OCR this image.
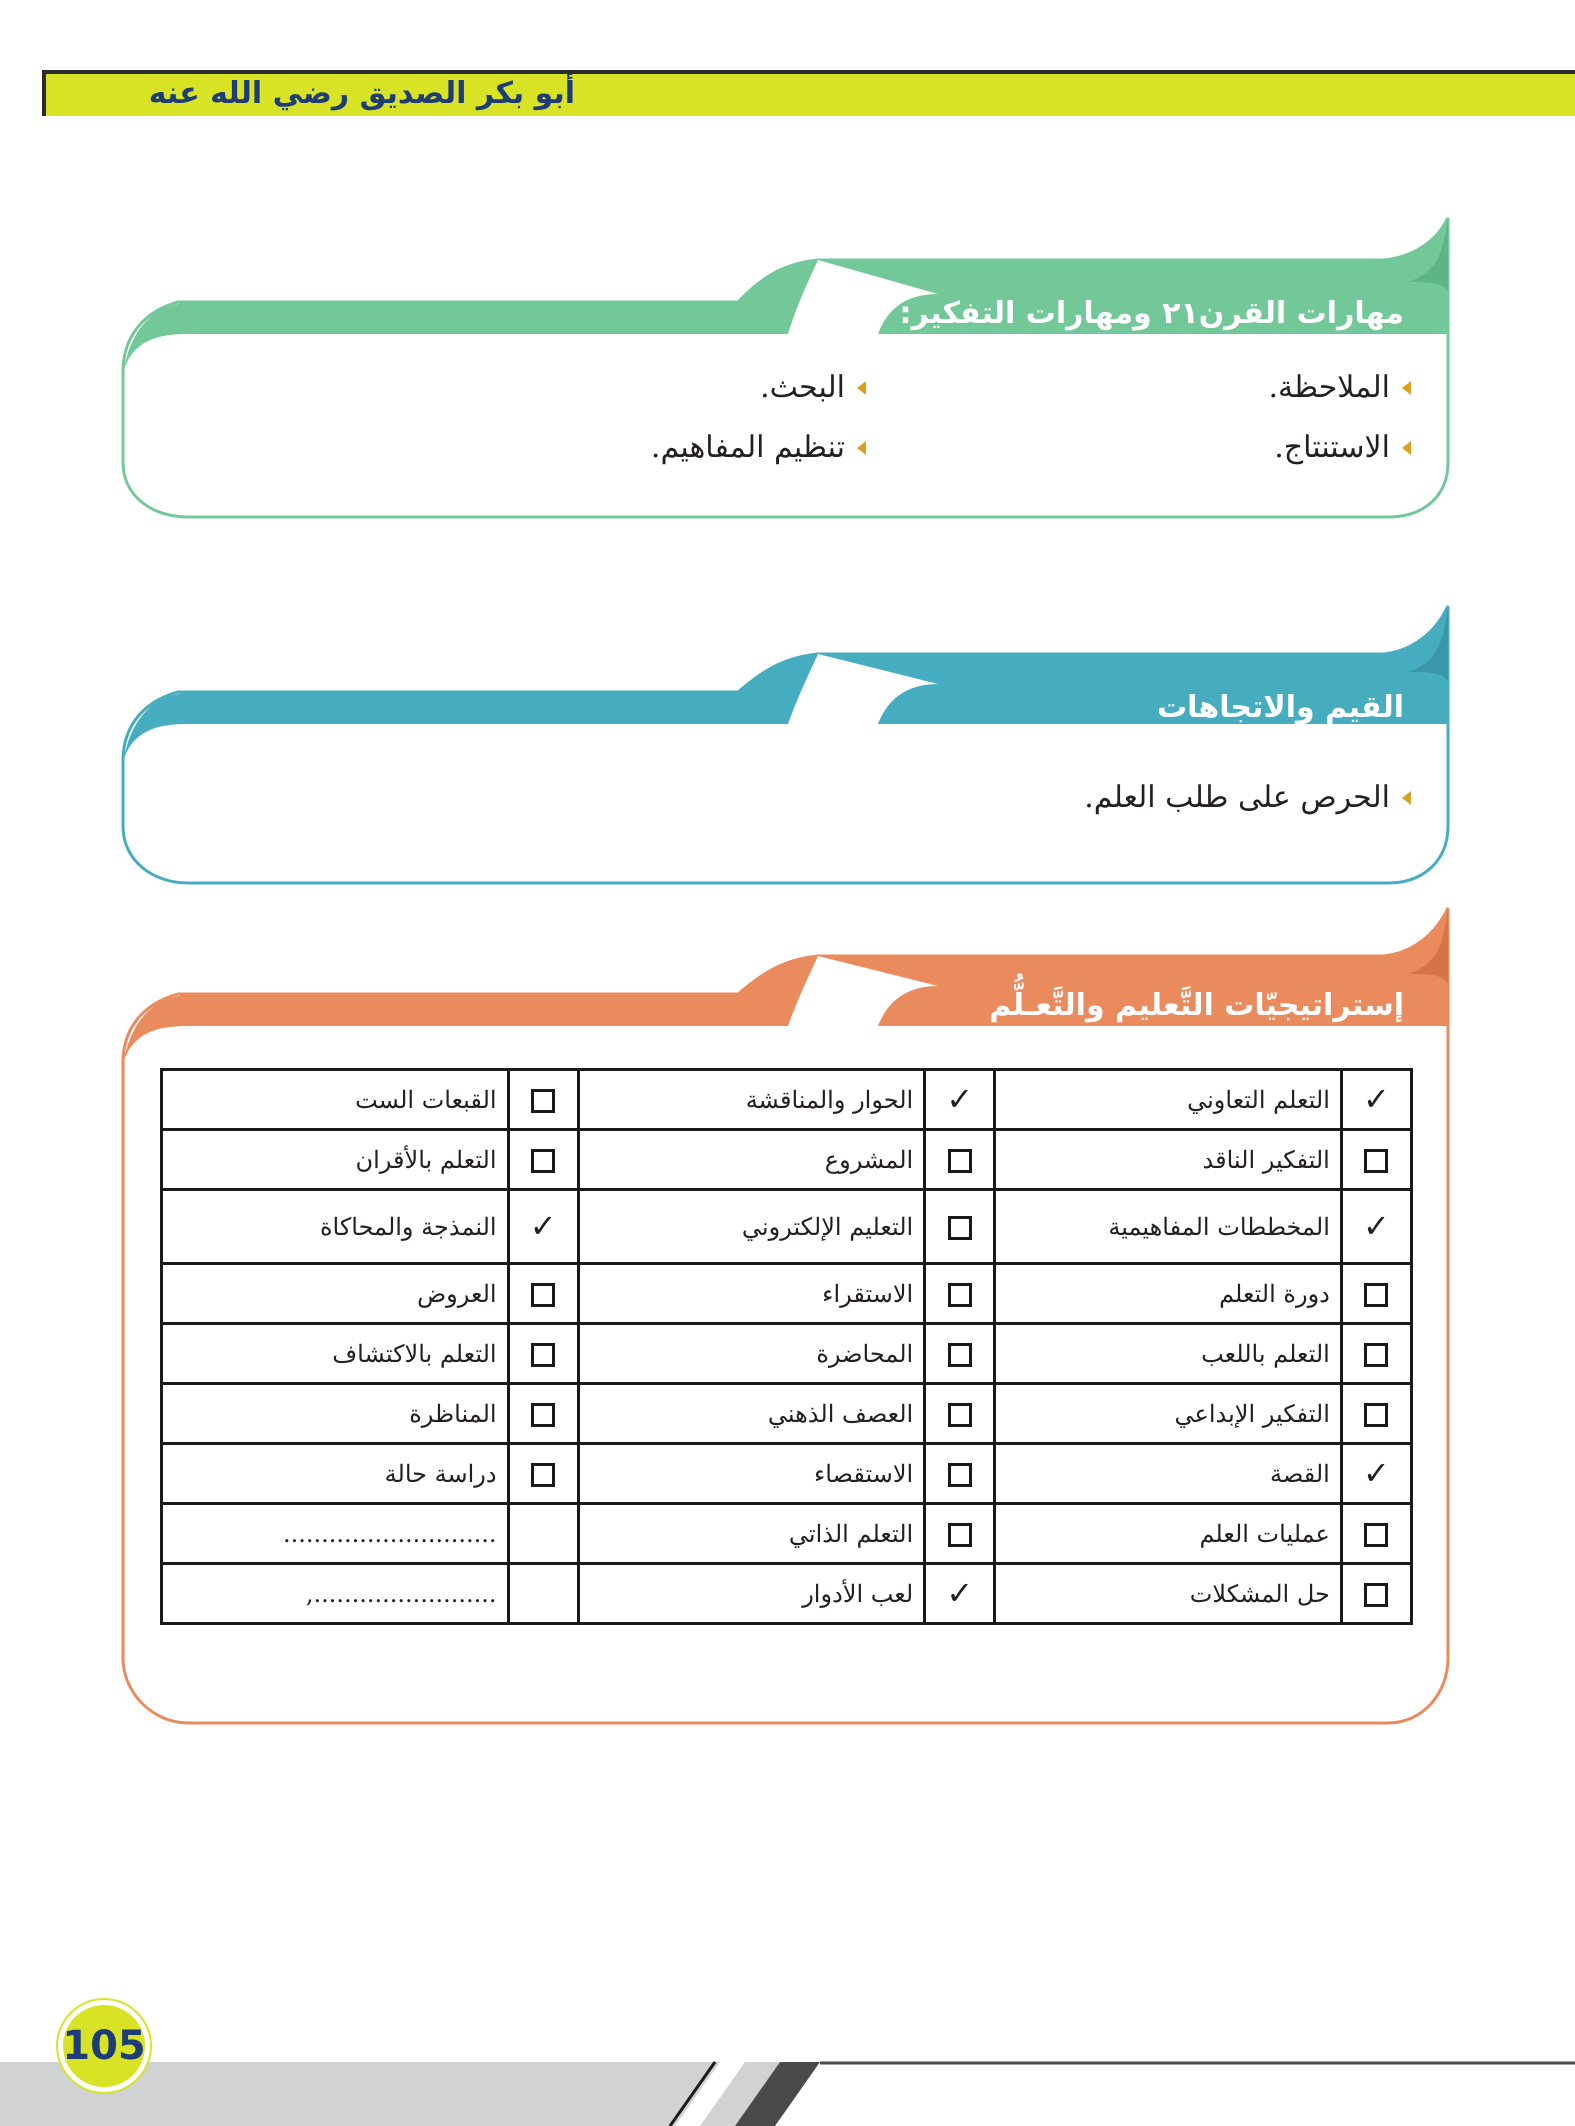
أبو بكر الصديق رضي الله عنه
مهارات القرن٢١ ومهارات التفكير:
الملاحظة.
البحث.
الاستنتاج.
تنظيم المفاهيم.
القيم والاتجاهات
الحرص على طلب العلم.
إستراتيجيّات التَّعليم والتَّعـلُّم
✓	التعلم التعاوني	✓	الحوار والمناقشة		القبعات الست
	التفكير الناقد		المشروع		التعلم بالأقران
✓	المخططات المفاهيمية		التعليم الإلكتروني	✓	النمذجة والمحاكاة
	دورة التعلم		الاستقراء		العروض
	التعلم باللعب		المحاضرة		التعلم بالاكتشاف
	التفكير الإبداعي		العصف الذهني		المناظرة
✓	القصة		الاستقصاء		دراسة حالة
	عمليات العلم		التعلم الذاتي		............................
	حل المشكلات	✓	لعب الأدوار		........................,
105
